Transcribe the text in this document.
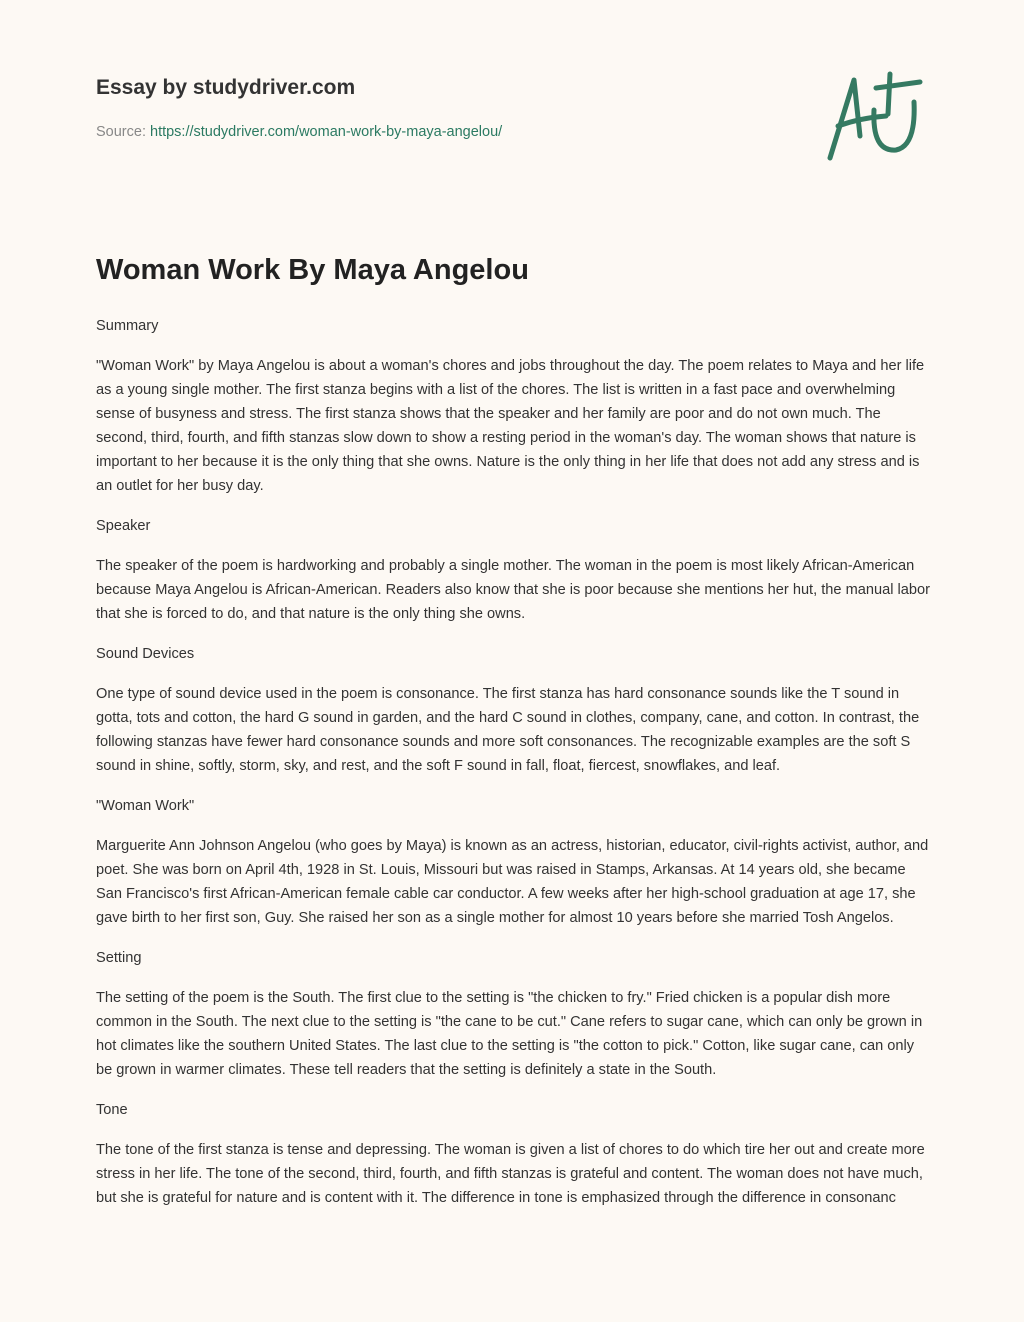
Essay by studydriver.com
Source: https://studydriver.com/woman-work-by-maya-angelou/
Woman Work By Maya Angelou
Summary

"Woman Work" by Maya Angelou is about a woman's chores and jobs throughout the day. The poem relates to Maya and her life as a young single mother. The first stanza begins with a list of the chores. The list is written in a fast pace and overwhelming sense of busyness and stress. The first stanza shows that the speaker and her family are poor and do not own much. The second, third, fourth, and fifth stanzas slow down to show a resting period in the woman's day. The woman shows that nature is important to her because it is the only thing that she owns. Nature is the only thing in her life that does not add any stress and is an outlet for her busy day.

Speaker

The speaker of the poem is hardworking and probably a single mother. The woman in the poem is most likely African-American because Maya Angelou is African-American. Readers also know that she is poor because she mentions her hut, the manual labor that she is forced to do, and that nature is the only thing she owns.

Sound Devices

One type of sound device used in the poem is consonance. The first stanza has hard consonance sounds like the T sound in gotta, tots and cotton, the hard G sound in garden, and the hard C sound in clothes, company, cane, and cotton. In contrast, the following stanzas have fewer hard consonance sounds and more soft consonances. The recognizable examples are the soft S sound in shine, softly, storm, sky, and rest, and the soft F sound in fall, float, fiercest, snowflakes, and leaf.

"Woman Work"

Marguerite Ann Johnson Angelou (who goes by Maya) is known as an actress, historian, educator, civil-rights activist, author, and poet. She was born on April 4th, 1928 in St. Louis, Missouri but was raised in Stamps, Arkansas. At 14 years old, she became San Francisco's first African-American female cable car conductor. A few weeks after her high-school graduation at age 17, she gave birth to her first son, Guy. She raised her son as a single mother for almost 10 years before she married Tosh Angelos.

Setting

The setting of the poem is the South. The first clue to the setting is "the chicken to fry." Fried chicken is a popular dish more common in the South. The next clue to the setting is "the cane to be cut." Cane refers to sugar cane, which can only be grown in hot climates like the southern United States. The last clue to the setting is "the cotton to pick." Cotton, like sugar cane, can only be grown in warmer climates. These tell readers that the setting is definitely a state in the South.

Tone

The tone of the first stanza is tense and depressing. The woman is given a list of chores to do which tire her out and create more stress in her life. The tone of the second, third, fourth, and fifth stanzas is grateful and content. The woman does not have much, but she is grateful for nature and is content with it. The difference in tone is emphasized through the difference in consonanc
